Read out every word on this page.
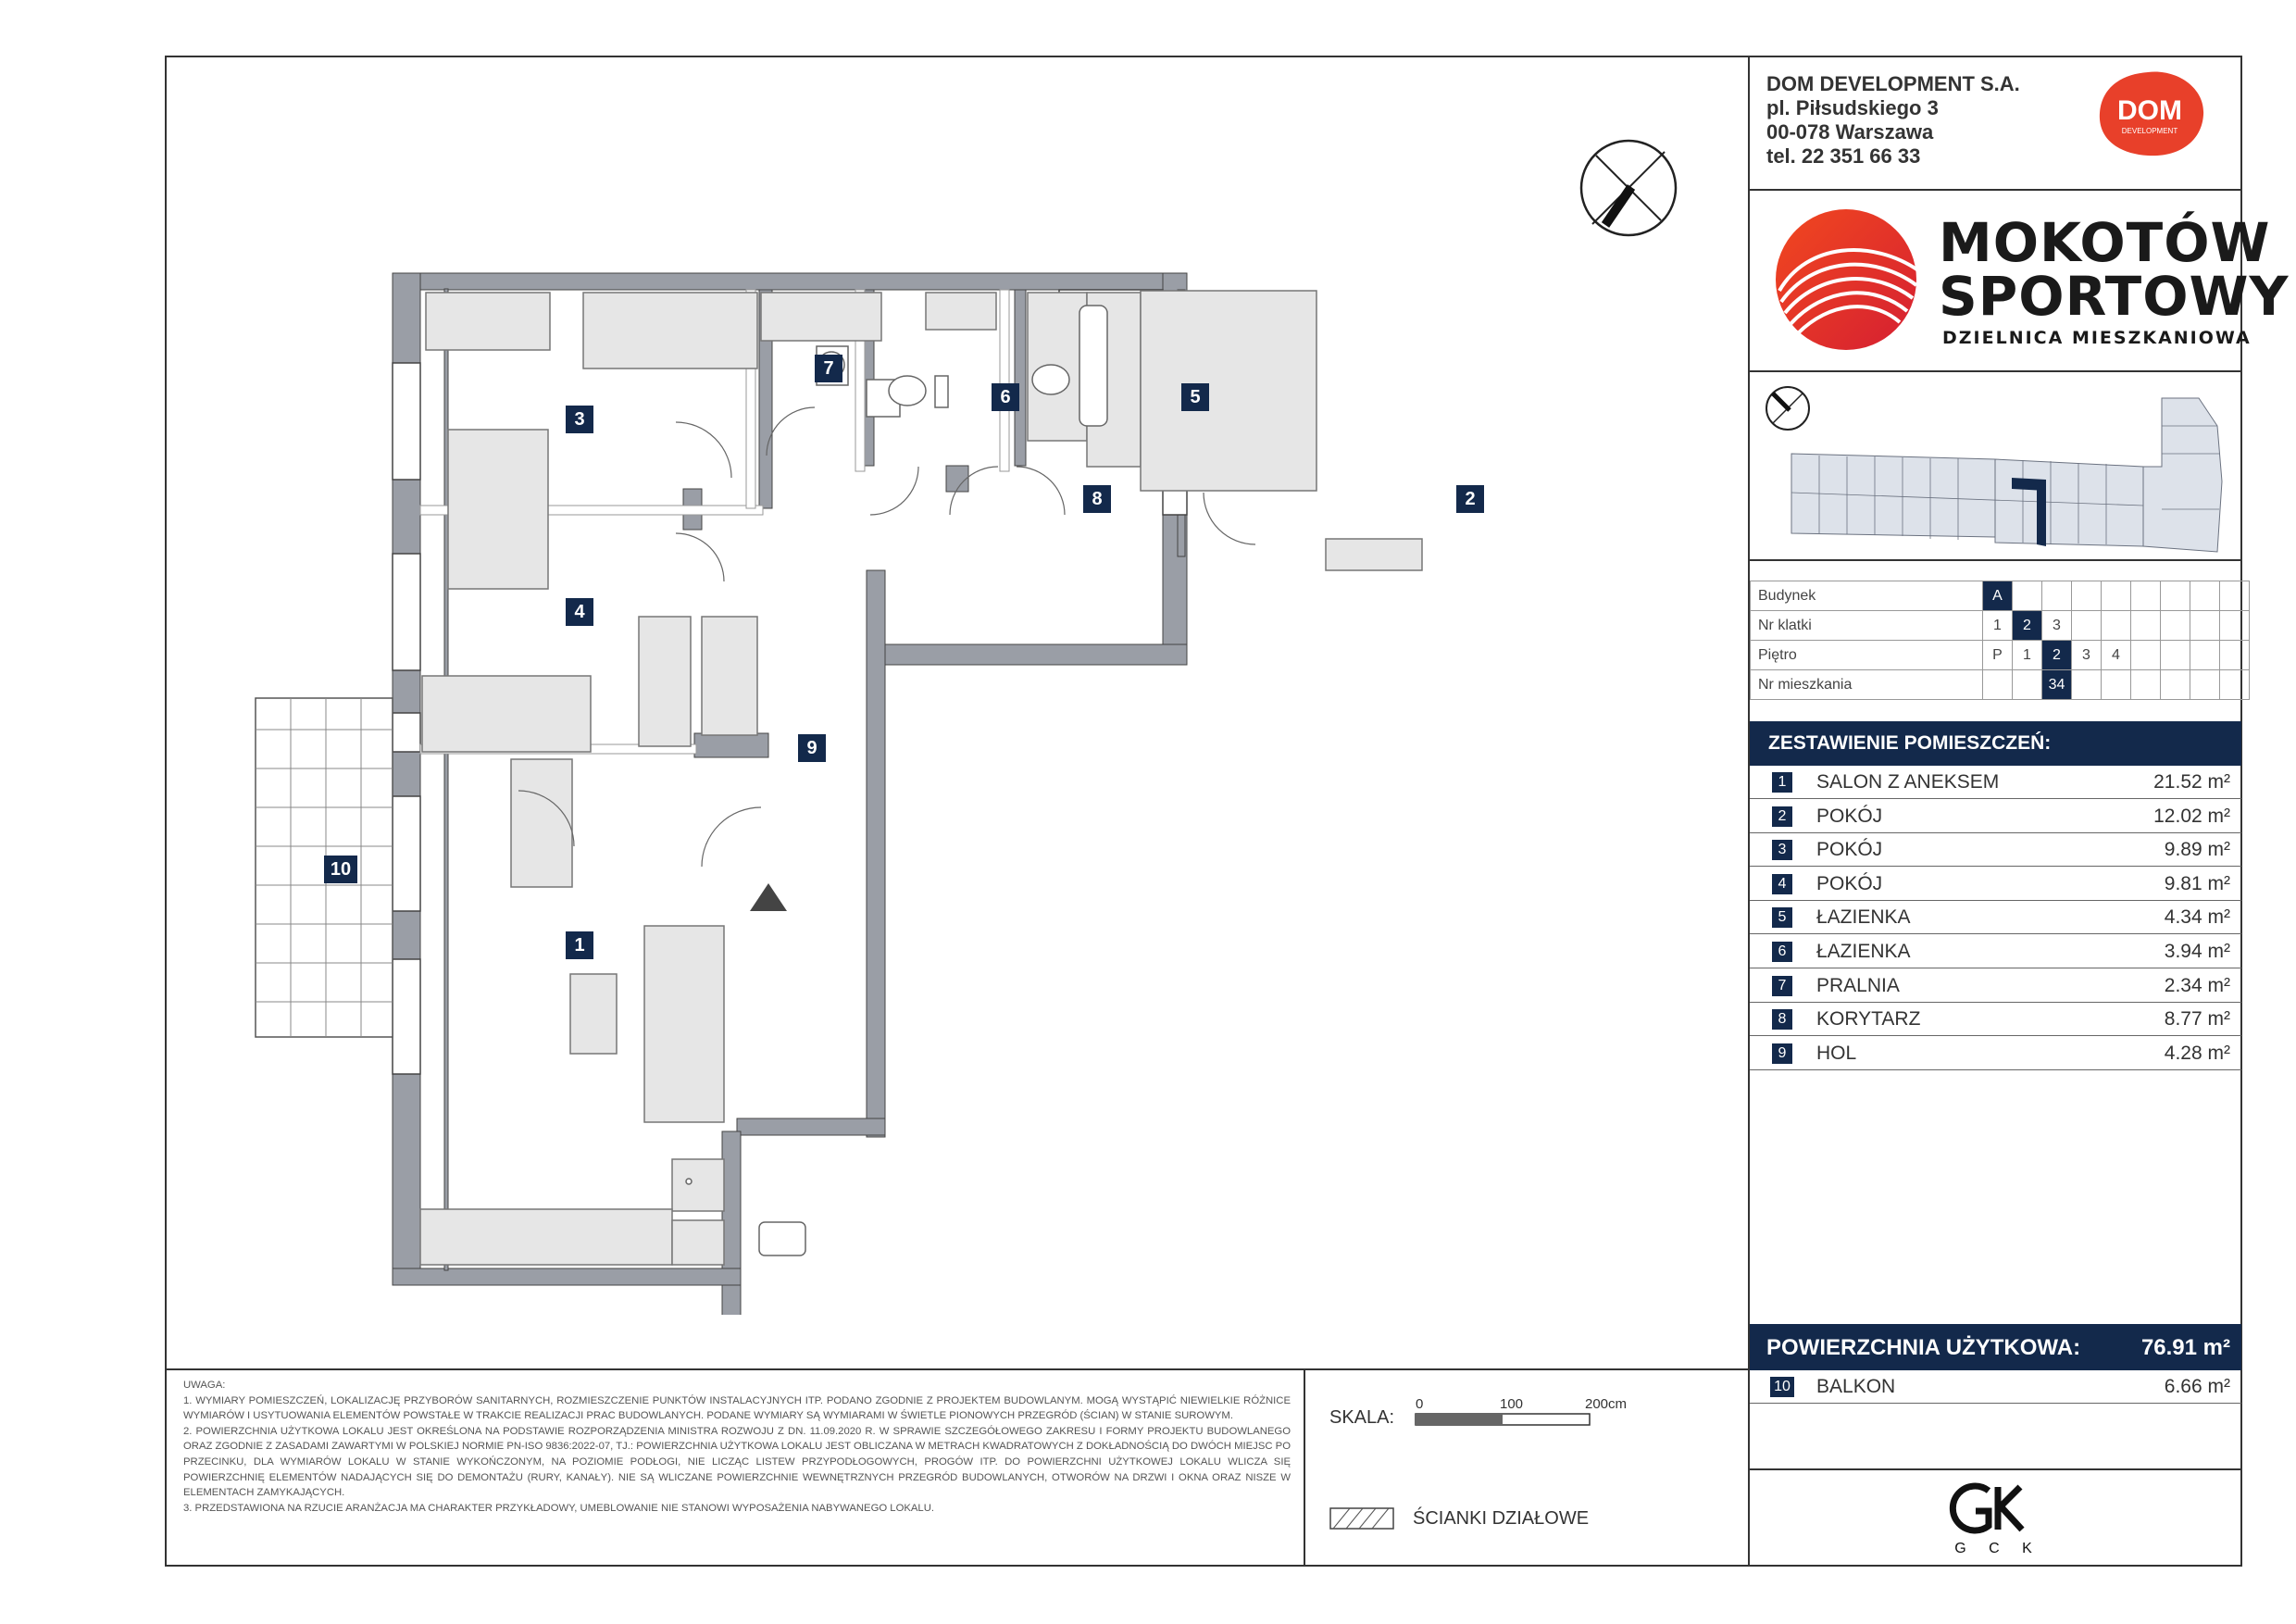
DOM DEVELOPMENT S.A.
pl. Piłsudskiego 3
00-078 Warszawa
tel. 22 351 66 33
DOM
DEVELOPMENT
MOKOTÓW
SPORTOWY
DZIELNICA MIESZKANIOWA
Budynek	A								
Nr klatki	1	2	3						
Piętro	P	1	2	3	4				
Nr mieszkania			34						
ZESTAWIENIE POMIESZCZEŃ:
1	SALON Z ANEKSEM	21.52 m²
2	POKÓJ	12.02 m²
3	POKÓJ	9.89 m²
4	POKÓJ	9.81 m²
5	ŁAZIENKA	4.34 m²
6	ŁAZIENKA	3.94 m²
7	PRALNIA	2.34 m²
8	KORYTARZ	8.77 m²
9	HOL	4.28 m²
POWIERZCHNIA UŻYTKOWA:	76.91 m²
10 BALKON	6.66 m²
G C K
UWAGA:
1. WYMIARY POMIESZCZEŃ, LOKALIZACJĘ PRZYBORÓW SANITARNYCH, ROZMIESZCZENIE PUNKTÓW INSTALACYJNYCH ITP. PODANO ZGODNIE Z PROJEKTEM BUDOWLANYM. MOGĄ WYSTĄPIĆ NIEWIELKIE RÓŻNICE WYMIARÓW I USYTUOWANIA ELEMENTÓW POWSTAŁE W TRAKCIE REALIZACJI PRAC BUDOWLANYCH. PODANE WYMIARY SĄ WYMIARAMI W ŚWIETLE PIONOWYCH PRZEGRÓD (ŚCIAN) W STANIE SUROWYM.
2. POWIERZCHNIA UŻYTKOWA LOKALU JEST OKREŚLONA NA PODSTAWIE ROZPORZĄDZENIA MINISTRA ROZWOJU Z DN. 11.09.2020 R. W SPRAWIE SZCZEGÓŁOWEGO ZAKRESU I FORMY PROJEKTU BUDOWLANEGO ORAZ ZGODNIE Z ZASADAMI ZAWARTYMI W POLSKIEJ NORMIE PN-ISO 9836:2022-07, TJ.: POWIERZCHNIA UŻYTKOWA LOKALU JEST OBLICZANA W METRACH KWADRATOWYCH Z DOKŁADNOŚCIĄ DO DWÓCH MIEJSC PO PRZECINKU, DLA WYMIARÓW LOKALU W STANIE WYKOŃCZONYM, NA POZIOMIE PODŁOGI, NIE LICZĄC LISTEW PRZYPODŁOGOWYCH, PROGÓW ITP. DO POWIERZCHNI UŻYTKOWEJ LOKALU WLICZA SIĘ POWIERZCHNIĘ ELEMENTÓW NADAJĄCYCH SIĘ DO DEMONTAŻU (RURY, KANAŁY). NIE SĄ WLICZANE POWIERZCHNIE WEWNĘTRZNYCH PRZEGRÓD BUDOWLANYCH, OTWORÓW NA DRZWI I OKNA ORAZ NISZE W ELEMENTACH ZAMYKAJĄCYCH.
3. PRZEDSTAWIONA NA RZUCIE ARANŻACJA MA CHARAKTER PRZYKŁADOWY, UMEBLOWANIE NIE STANOWI WYPOSAŻENIA NABYWANEGO LOKALU.
SKALA:
0	100	200cm
ŚCIANKI DZIAŁOWE
3
4
7
6	5
8	2
9
10
1
